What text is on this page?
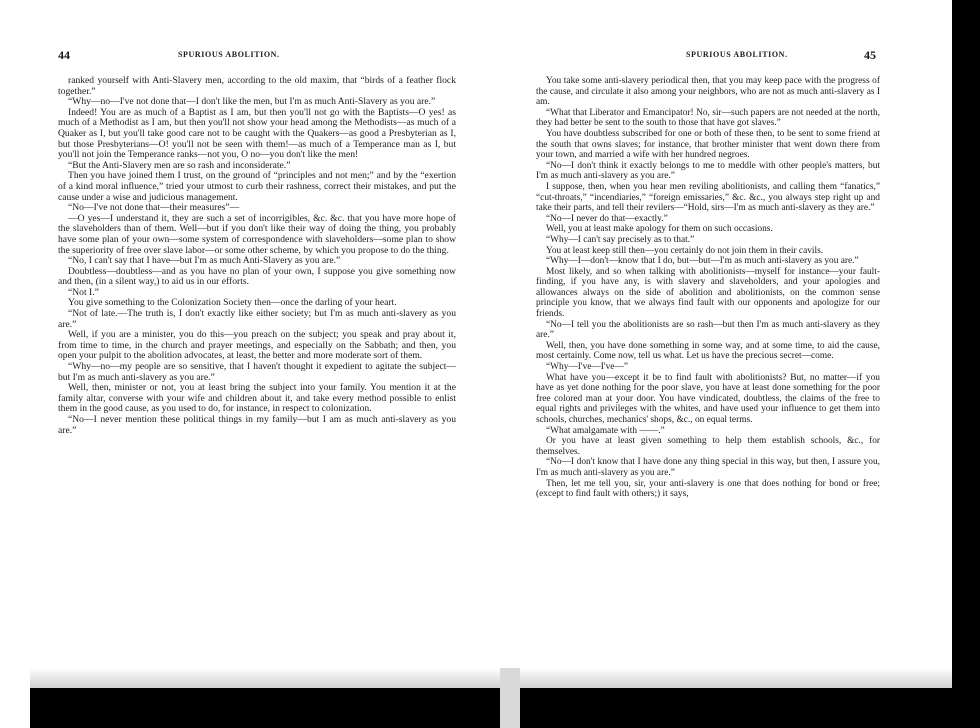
44	SPURIOUS ABOLITION.

ranked yourself with Anti-Slavery men, according to the old maxim, that “birds of a feather flock together.”

“Why—no—I've not done that—I don't like the men, but I'm as much Anti-Slavery as you are.”

Indeed! You are as much of a Baptist as I am, but then you'll not go with the Baptists—O yes! as much of a Methodist as I am, but then you'll not show your head among the Methodists—as much of a Quaker as I, but you'll take good care not to be caught with the Quakers—as good a Presbyterian as I, but those Presbyterians—O! you'll not be seen with them!—as much of a Temperance man as I, but you'll not join the Temperance ranks—not you, O no—you don't like the men!

“But the Anti-Slavery men are so rash and inconsiderate.”

Then you have joined them I trust, on the ground of “principles and not men;” and by the “exertion of a kind moral influence,” tried your utmost to curb their rashness, correct their mistakes, and put the cause under a wise and judicious management.

“No—I've not done that—their measures”—

—O yes—I understand it, they are such a set of incorrigibles, &c. &c. that you have more hope of the slaveholders than of them. Well—but if you don't like their way of doing the thing, you probably have some plan of your own—some system of correspondence with slaveholders—some plan to show the superiority of free over slave labor—or some other scheme, by which you propose to do the thing.

“No, I can't say that I have—but I'm as much Anti-Slavery as you are.”

Doubtless—doubtless—and as you have no plan of your own, I suppose you give something now and then, (in a silent way,) to aid us in our efforts.

“Not I.”

You give something to the Colonization Society then—once the darling of your heart.

“Not of late.—The truth is, I don't exactly like either society; but I'm as much anti-slavery as you are.”

Well, if you are a minister, you do this—you preach on the subject; you speak and pray about it, from time to time, in the church and prayer meetings, and especially on the Sabbath; and then, you open your pulpit to the abolition advocates, at least, the better and more moderate sort of them.

“Why—no—my people are so sensitive, that I haven't thought it expedient to agitate the subject—but I'm as much anti-slavery as you are.”

Well, then, minister or not, you at least bring the subject into your family. You mention it at the family altar, converse with your wife and children about it, and take every method possible to enlist them in the good cause, as you used to do, for instance, in respect to colonization.

“No—I never mention these political things in my family—but I am as much anti-slavery as you are.”

SPURIOUS ABOLITION.	45

You take some anti-slavery periodical then, that you may keep pace with the progress of the cause, and circulate it also among your neighbors, who are not as much anti-slavery as I am.

“What that Liberator and Emancipator! No, sir—such papers are not needed at the north, they had better be sent to the south to those that have got slaves.”

You have doubtless subscribed for one or both of these then, to be sent to some friend at the south that owns slaves; for instance, that brother minister that went down there from your town, and married a wife with her hundred negroes.

“No—I don't think it exactly belongs to me to meddle with other people's matters, but I'm as much anti-slavery as you are.”

I suppose, then, when you hear men reviling abolitionists, and calling them “fanatics,” “cut-throats,” “incendiaries,” “foreign emissaries,” &c. &c., you always step right up and take their parts, and tell their revilers—“Hold, sirs—I'm as much anti-slavery as they are.”

“No—I never do that—exactly.”

Well, you at least make apology for them on such occasions.

“Why—I can't say precisely as to that.”

You at least keep still then—you certainly do not join them in their cavils.

“Why—I—don't—know that I do, but—but—I'm as much anti-slavery as you are.”

Most likely, and so when talking with abolitionists—myself for instance—your fault-finding, if you have any, is with slavery and slaveholders, and your apologies and allowances always on the side of abolition and abolitionists, on the common sense principle you know, that we always find fault with our opponents and apologize for our friends.

“No—I tell you the abolitionists are so rash—but then I'm as much anti-slavery as they are.”

Well, then, you have done something in some way, and at some time, to aid the cause, most certainly. Come now, tell us what. Let us have the precious secret—come.

“Why—I've—I've—”

What have you—except it be to find fault with abolitionists? But, no matter—if you have as yet done nothing for the poor slave, you have at least done something for the poor free colored man at your door. You have vindicated, doubtless, the claims of the free to equal rights and privileges with the whites, and have used your influence to get them into schools, churches, mechanics' shops, &c., on equal terms.

“What amalgamate with ——.”

Or you have at least given something to help them establish schools, &c., for themselves.

“No—I don't know that I have done any thing special in this way, but then, I assure you, I'm as much anti-slavery as you are.”

Then, let me tell you, sir, your anti-slavery is one that does nothing for bond or free; (except to find fault with others;) it says,
